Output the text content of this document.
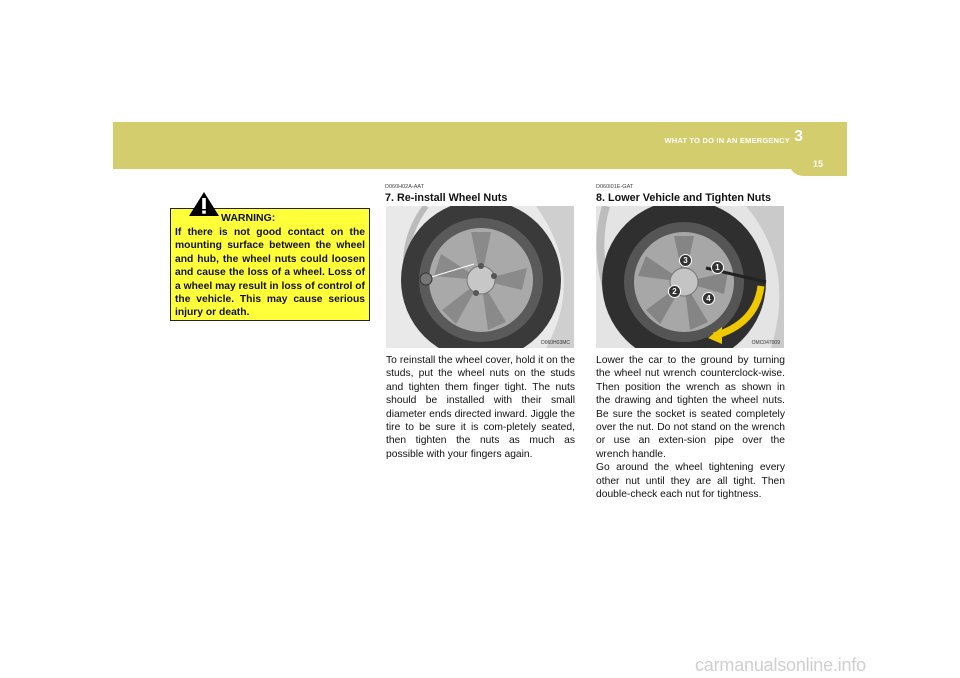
WHAT TO DO IN AN EMERGENCY 3
15
WARNING:

If there is not good contact on the mounting surface between the wheel and hub, the wheel nuts could loosen and cause the loss of a wheel. Loss of a wheel may result in loss of control of the vehicle. This may cause serious injury or death.

D060H02A-AAT
7. Re-install Wheel Nuts
D060H03MC

To reinstall the wheel cover, hold it on the studs, put the wheel nuts on the studs and tighten them finger tight. The nuts should be installed with their small diameter ends directed inward. Jiggle the tire to be sure it is com-pletely seated, then tighten the nuts as much as possible with your fingers again.

D060I01E-GAT
8. Lower Vehicle and Tighten Nuts
1
2
3
4
OMC047009

Lower the car to the ground by turning the wheel nut wrench counterclock-wise. Then position the wrench as shown in the drawing and tighten the wheel nuts. Be sure the socket is seated completely over the nut. Do not stand on the wrench or use an exten-sion pipe over the wrench handle.
Go around the wheel tightening every other nut until they are all tight. Then double-check each nut for tightness.

carmanualsonline.info
